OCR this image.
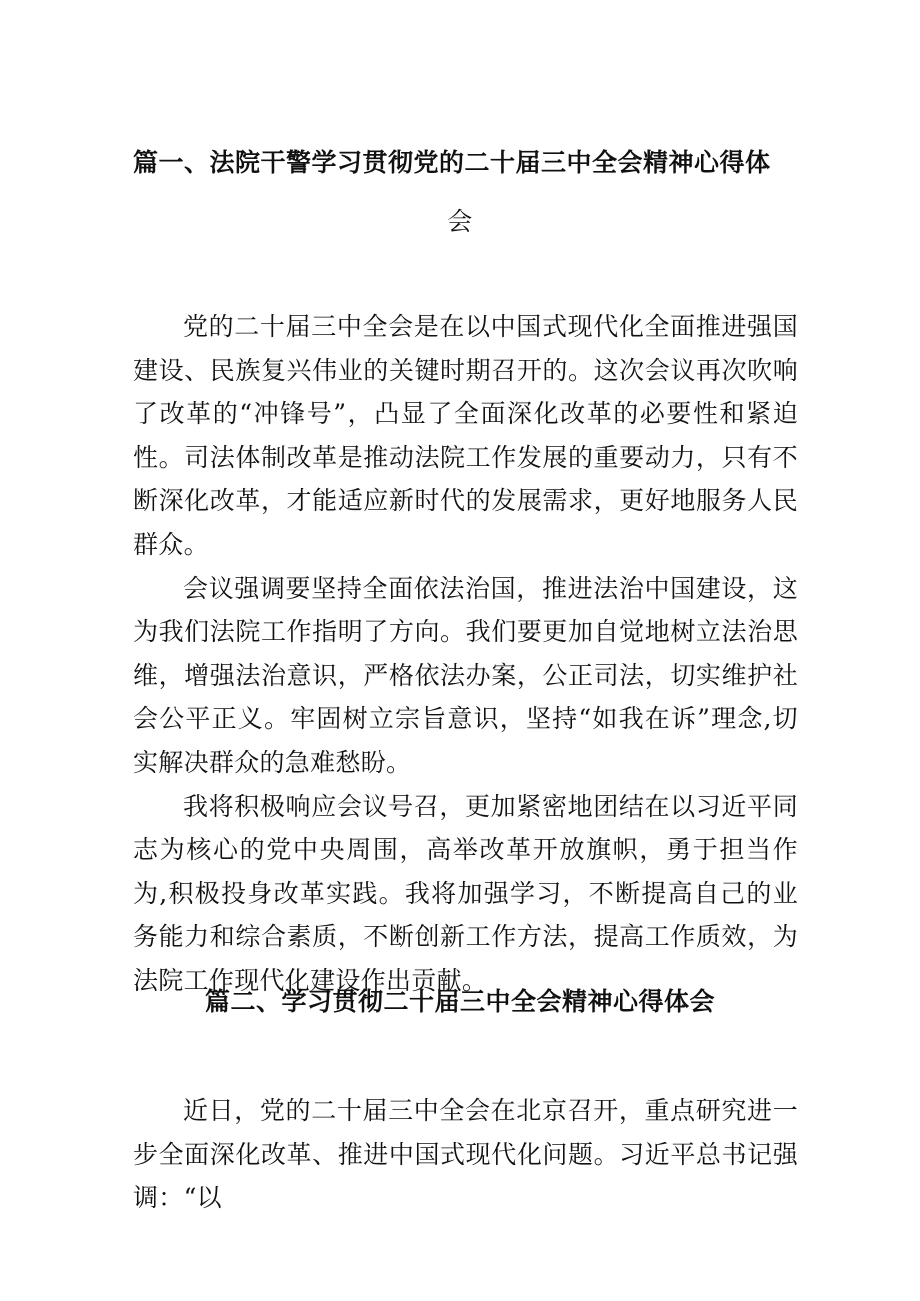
篇一、法院干警学习贯彻党的二十届三中全会精神心得体
会

党的二十届三中全会是在以中国式现代化全面推进强国建设、民族复兴伟业的关键时期召开的。这次会议再次吹响了改革的“冲锋号”，凸显了全面深化改革的必要性和紧迫性。司法体制改革是推动法院工作发展的重要动力，只有不断深化改革，才能适应新时代的发展需求，更好地服务人民群众。

会议强调要坚持全面依法治国，推进法治中国建设，这为我们法院工作指明了方向。我们要更加自觉地树立法治思维，增强法治意识，严格依法办案，公正司法，切实维护社会公平正义。牢固树立宗旨意识，坚持“如我在诉”理念,切实解决群众的急难愁盼。

我将积极响应会议号召，更加紧密地团结在以习近平同志为核心的党中央周围，高举改革开放旗帜，勇于担当作为,积极投身改革实践。我将加强学习，不断提高自己的业务能力和综合素质，不断创新工作方法，提高工作质效，为法院工作现代化建设作出贡献。

篇二、学习贯彻二十届三中全会精神心得体会

近日，党的二十届三中全会在北京召开，重点研究进一步全面深化改革、推进中国式现代化问题。习近平总书记强调：“以
